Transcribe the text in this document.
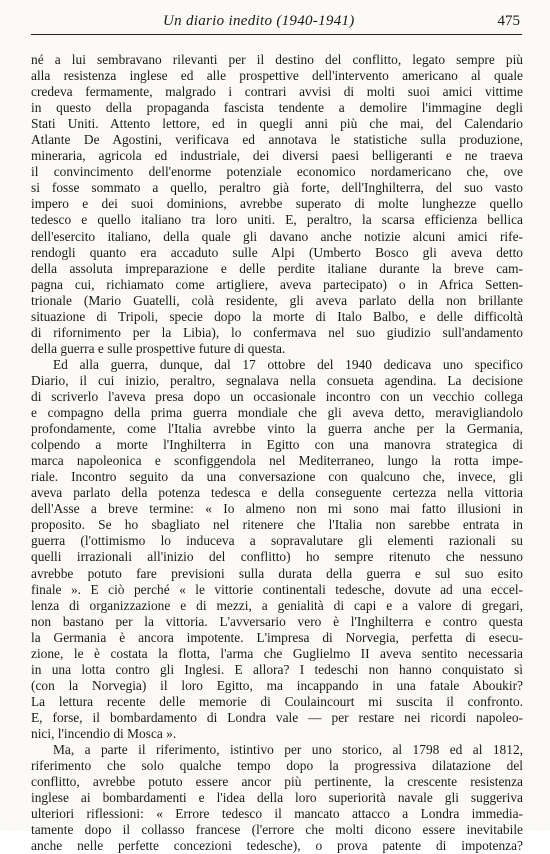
Un diario inedito (1940-1941)	475
né a lui sembravano rilevanti per il destino del conflitto, legato sempre più
alla resistenza inglese ed alle prospettive dell'intervento americano al quale
credeva fermamente, malgrado i contrari avvisi di molti suoi amici vittime
in questo della propaganda fascista tendente a demolire l'immagine degli
Stati Uniti. Attento lettore, ed in quegli anni più che mai, del Calendario
Atlante De Agostini, verificava ed annotava le statistiche sulla produzione,
mineraria, agricola ed industriale, dei diversi paesi belligeranti e ne traeva
il convincimento dell'enorme potenziale economico nordamericano che, ove
si fosse sommato a quello, peraltro già forte, dell'Inghilterra, del suo vasto
impero e dei suoi dominions, avrebbe superato di molte lunghezze quello
tedesco e quello italiano tra loro uniti. E, peraltro, la scarsa efficienza bellica
dell'esercito italiano, della quale gli davano anche notizie alcuni amici rife-
rendogli quanto era accaduto sulle Alpi (Umberto Bosco gli aveva detto
della assoluta impreparazione e delle perdite italiane durante la breve cam-
pagna cui, richiamato come artigliere, aveva partecipato) o in Africa Setten-
trionale (Mario Guatelli, colà residente, gli aveva parlato della non brillante
situazione di Tripoli, specie dopo la morte di Italo Balbo, e delle difficoltà
di rifornimento per la Libia), lo confermava nel suo giudizio sull'andamento
della guerra e sulle prospettive future di questa.
Ed alla guerra, dunque, dal 17 ottobre del 1940 dedicava uno specifico
Diario, il cui inizio, peraltro, segnalava nella consueta agendina. La decisione
di scriverlo l'aveva presa dopo un occasionale incontro con un vecchio collega
e compagno della prima guerra mondiale che gli aveva detto, meravigliandolo
profondamente, come l'Italia avrebbe vinto la guerra anche per la Germania,
colpendo a morte l'Inghilterra in Egitto con una manovra strategica di
marca napoleonica e sconfiggendola nel Mediterraneo, lungo la rotta impe-
riale. Incontro seguito da una conversazione con qualcuno che, invece, gli
aveva parlato della potenza tedesca e della conseguente certezza nella vittoria
dell'Asse a breve termine: « Io almeno non mi sono mai fatto illusioni in
proposito. Se ho sbagliato nel ritenere che l'Italia non sarebbe entrata in
guerra (l'ottimismo lo induceva a sopravalutare gli elementi razionali su
quelli irrazionali all'inizio del conflitto) ho sempre ritenuto che nessuno
avrebbe potuto fare previsioni sulla durata della guerra e sul suo esito
finale ». E ciò perché « le vittorie continentali tedesche, dovute ad una eccel-
lenza di organizzazione e di mezzi, a genialità di capi e a valore di gregari,
non bastano per la vittoria. L'avversario vero è l'Inghilterra e contro questa
la Germania è ancora impotente. L'impresa di Norvegia, perfetta di esecu-
zione, le è costata la flotta, l'arma che Guglielmo II aveva sentito necessaria
in una lotta contro gli Inglesi. E allora? I tedeschi non hanno conquistato sì
(con la Norvegia) il loro Egitto, ma incappando in una fatale Aboukir?
La lettura recente delle memorie di Coulaincourt mi suscita il confronto.
E, forse, il bombardamento di Londra vale — per restare nei ricordi napoleo-
nici, l'incendio di Mosca ».
Ma, a parte il riferimento, istintivo per uno storico, al 1798 ed al 1812,
riferimento che solo qualche tempo dopo la progressiva dilatazione del
conflitto, avrebbe potuto essere ancor più pertinente, la crescente resistenza
inglese ai bombardamenti e l'idea della loro superiorità navale gli suggeriva
ulteriori riflessioni: « Errore tedesco il mancato attacco a Londra immedia-
tamente dopo il collasso francese (l'errore che molti dicono essere inevitabile
anche nelle perfette concezioni tedesche), o prova patente di impotenza?
